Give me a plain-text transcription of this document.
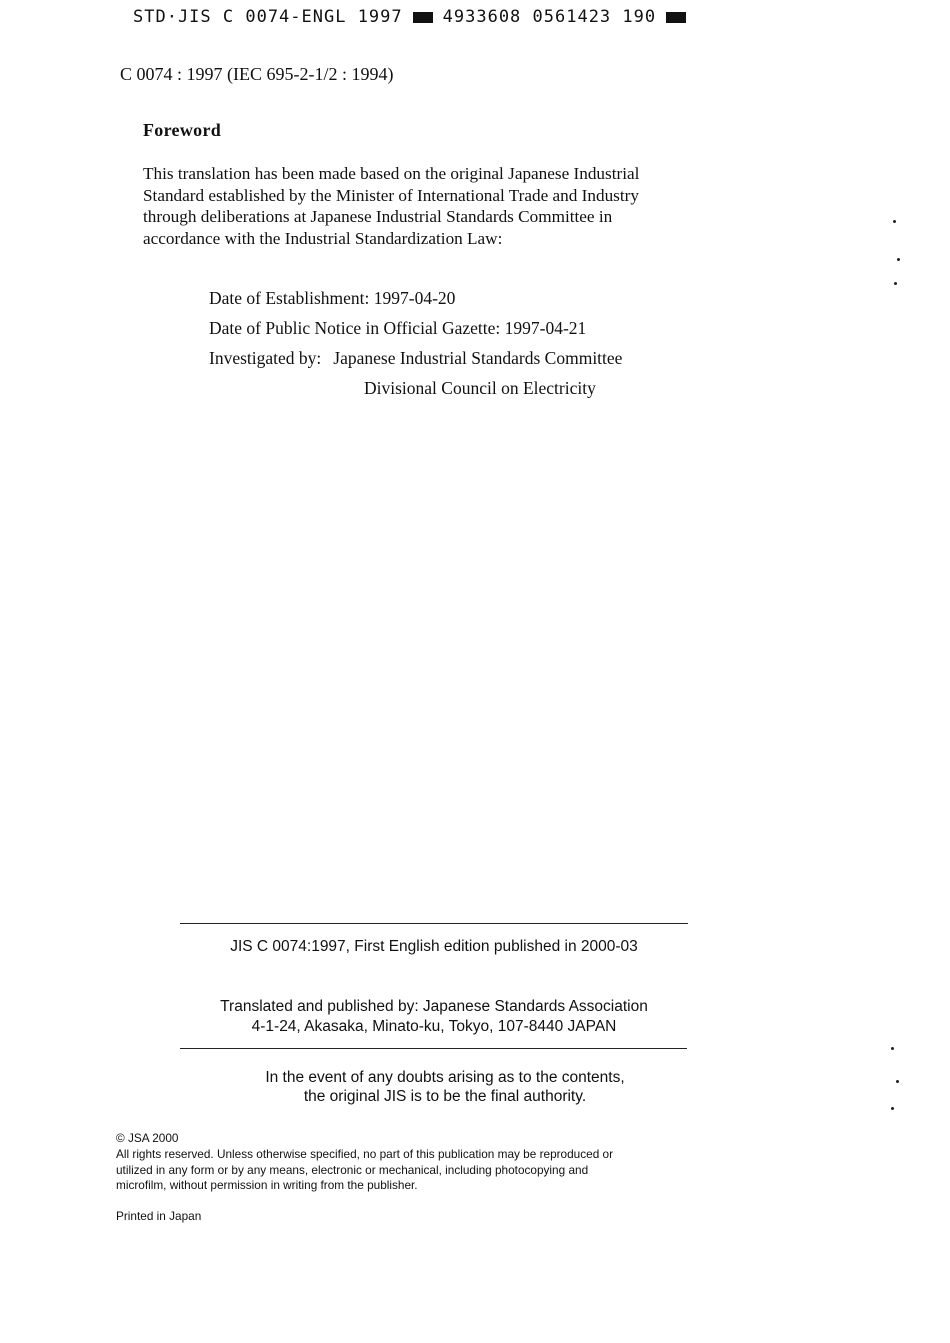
STD·JIS C 0074-ENGL 1997 4933608 0561423 190
C 0074 : 1997 (IEC 695-2-1/2 : 1994)
Foreword
This translation has been made based on the original Japanese Industrial
Standard established by the Minister of International Trade and Industry
through deliberations at Japanese Industrial Standards Committee in
accordance with the Industrial Standardization Law:
Date of Establishment: 1997-04-20
Date of Public Notice in Official Gazette: 1997-04-21
Investigated by: Japanese Industrial Standards Committee
Divisional Council on Electricity
JIS C 0074:1997, First English edition published in 2000-03
Translated and published by: Japanese Standards Association
4-1-24, Akasaka, Minato-ku, Tokyo, 107-8440 JAPAN
In the event of any doubts arising as to the contents,
the original JIS is to be the final authority.
© JSA 2000
All rights reserved. Unless otherwise specified, no part of this publication may be reproduced or
utilized in any form or by any means, electronic or mechanical, including photocopying and
microfilm, without permission in writing from the publisher.
Printed in Japan
